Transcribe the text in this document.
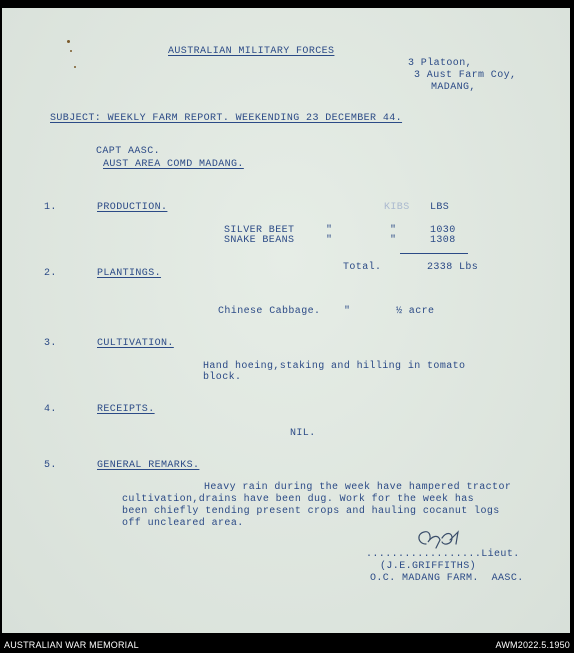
AUSTRALIAN MILITARY FORCES
3 Platoon,
3 Aust Farm Coy,
MADANG,
SUBJECT: WEEKLY FARM REPORT. WEEKENDING 23 DECEMBER 44.
CAPT AASC.
AUST AREA COMD MADANG.
1.	PRODUCTION.	KIBS LBS
SILVER BEET	"	"	1030
SNAKE BEANS	"	"	1308
Total.	2338 Lbs
2.	PLANTINGS.
Chinese Cabbage. "	½ acre
3.	CULTIVATION.
Hand hoeing,staking and hilling in tomato
block.
4.	RECEIPTS.
NIL.
5.	GENERAL REMARKS.
Heavy rain during the week have hampered tractor
cultivation,drains have been dug. Work for the week has
been chiefly tending present crops and hauling cocanut logs
off uncleared area.
..................Lieut.
(J.E.GRIFFITHS)
O.C. MADANG FARM.  AASC.
AUSTRALIAN WAR MEMORIAL	AWM2022.5.1950
